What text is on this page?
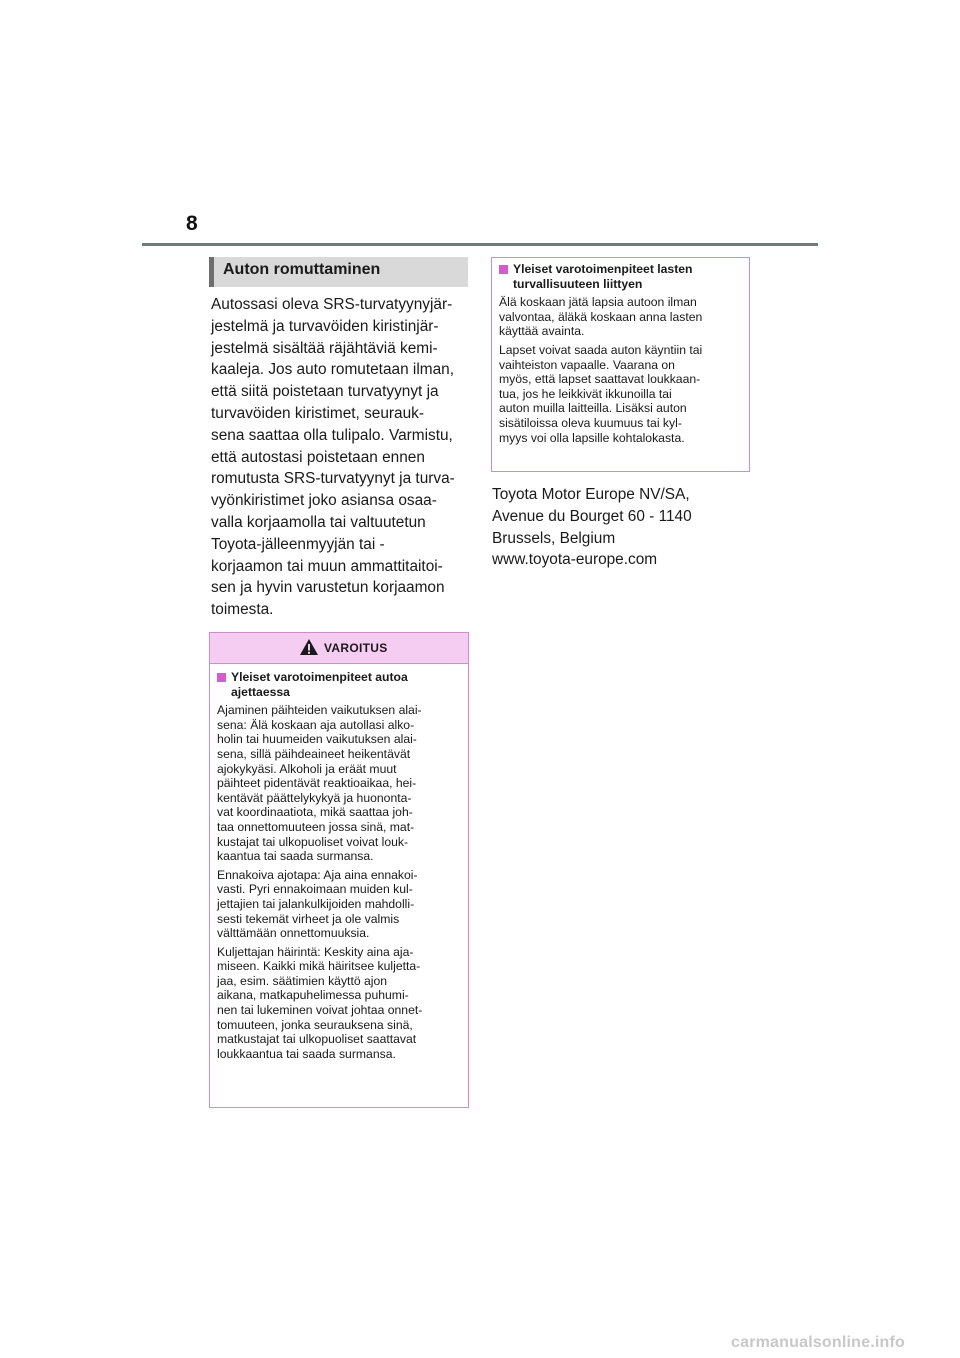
8
Auton romuttaminen
Autossasi oleva SRS-turvatyynyjär-
jestelmä ja turvavöiden kiristinjär-
jestelmä sisältää räjähtäviä kemi-
kaaleja. Jos auto romutetaan ilman,
että siitä poistetaan turvatyynyt ja
turvavöiden kiristimet, seurauk-
sena saattaa olla tulipalo. Varmistu,
että autostasi poistetaan ennen
romutusta SRS-turvatyynyt ja turva-
vyönkiristimet joko asiansa osaa-
valla korjaamolla tai valtuutetun
Toyota-jälleenmyyjän tai -
korjaamon tai muun ammattitaitoi-
sen ja hyvin varustetun korjaamon
toimesta.
VAROITUS
Yleiset varotoimenpiteet autoa
ajettaessa
Ajaminen päihteiden vaikutuksen alai-
sena: Älä koskaan aja autollasi alko-
holin tai huumeiden vaikutuksen alai-
sena, sillä päihdeaineet heikentävät
ajokykyäsi. Alkoholi ja eräät muut
päihteet pidentävät reaktioaikaa, hei-
kentävät päättelykykyä ja huononta-
vat koordinaatiota, mikä saattaa joh-
taa onnettomuuteen jossa sinä, mat-
kustajat tai ulkopuoliset voivat louk-
kaantua tai saada surmansa.
Ennakoiva ajotapa: Aja aina ennakoi-
vasti. Pyri ennakoimaan muiden kul-
jettajien tai jalankulkijoiden mahdolli-
sesti tekemät virheet ja ole valmis
välttämään onnettomuuksia.
Kuljettajan häirintä: Keskity aina aja-
miseen. Kaikki mikä häiritsee kuljetta-
jaa, esim. säätimien käyttö ajon
aikana, matkapuhelimessa puhumi-
nen tai lukeminen voivat johtaa onnet-
tomuuteen, jonka seurauksena sinä,
matkustajat tai ulkopuoliset saattavat
loukkaantua tai saada surmansa.
Yleiset varotoimenpiteet lasten
turvallisuuteen liittyen
Älä koskaan jätä lapsia autoon ilman
valvontaa, äläkä koskaan anna lasten
käyttää avainta.
Lapset voivat saada auton käyntiin tai
vaihteiston vapaalle. Vaarana on
myös, että lapset saattavat loukkaan-
tua, jos he leikkivät ikkunoilla tai
auton muilla laitteilla. Lisäksi auton
sisätiloissa oleva kuumuus tai kyl-
myys voi olla lapsille kohtalokasta.
Toyota Motor Europe NV/SA,
Avenue du Bourget 60 - 1140
Brussels, Belgium
www.toyota-europe.com
carmanualsonline.info
